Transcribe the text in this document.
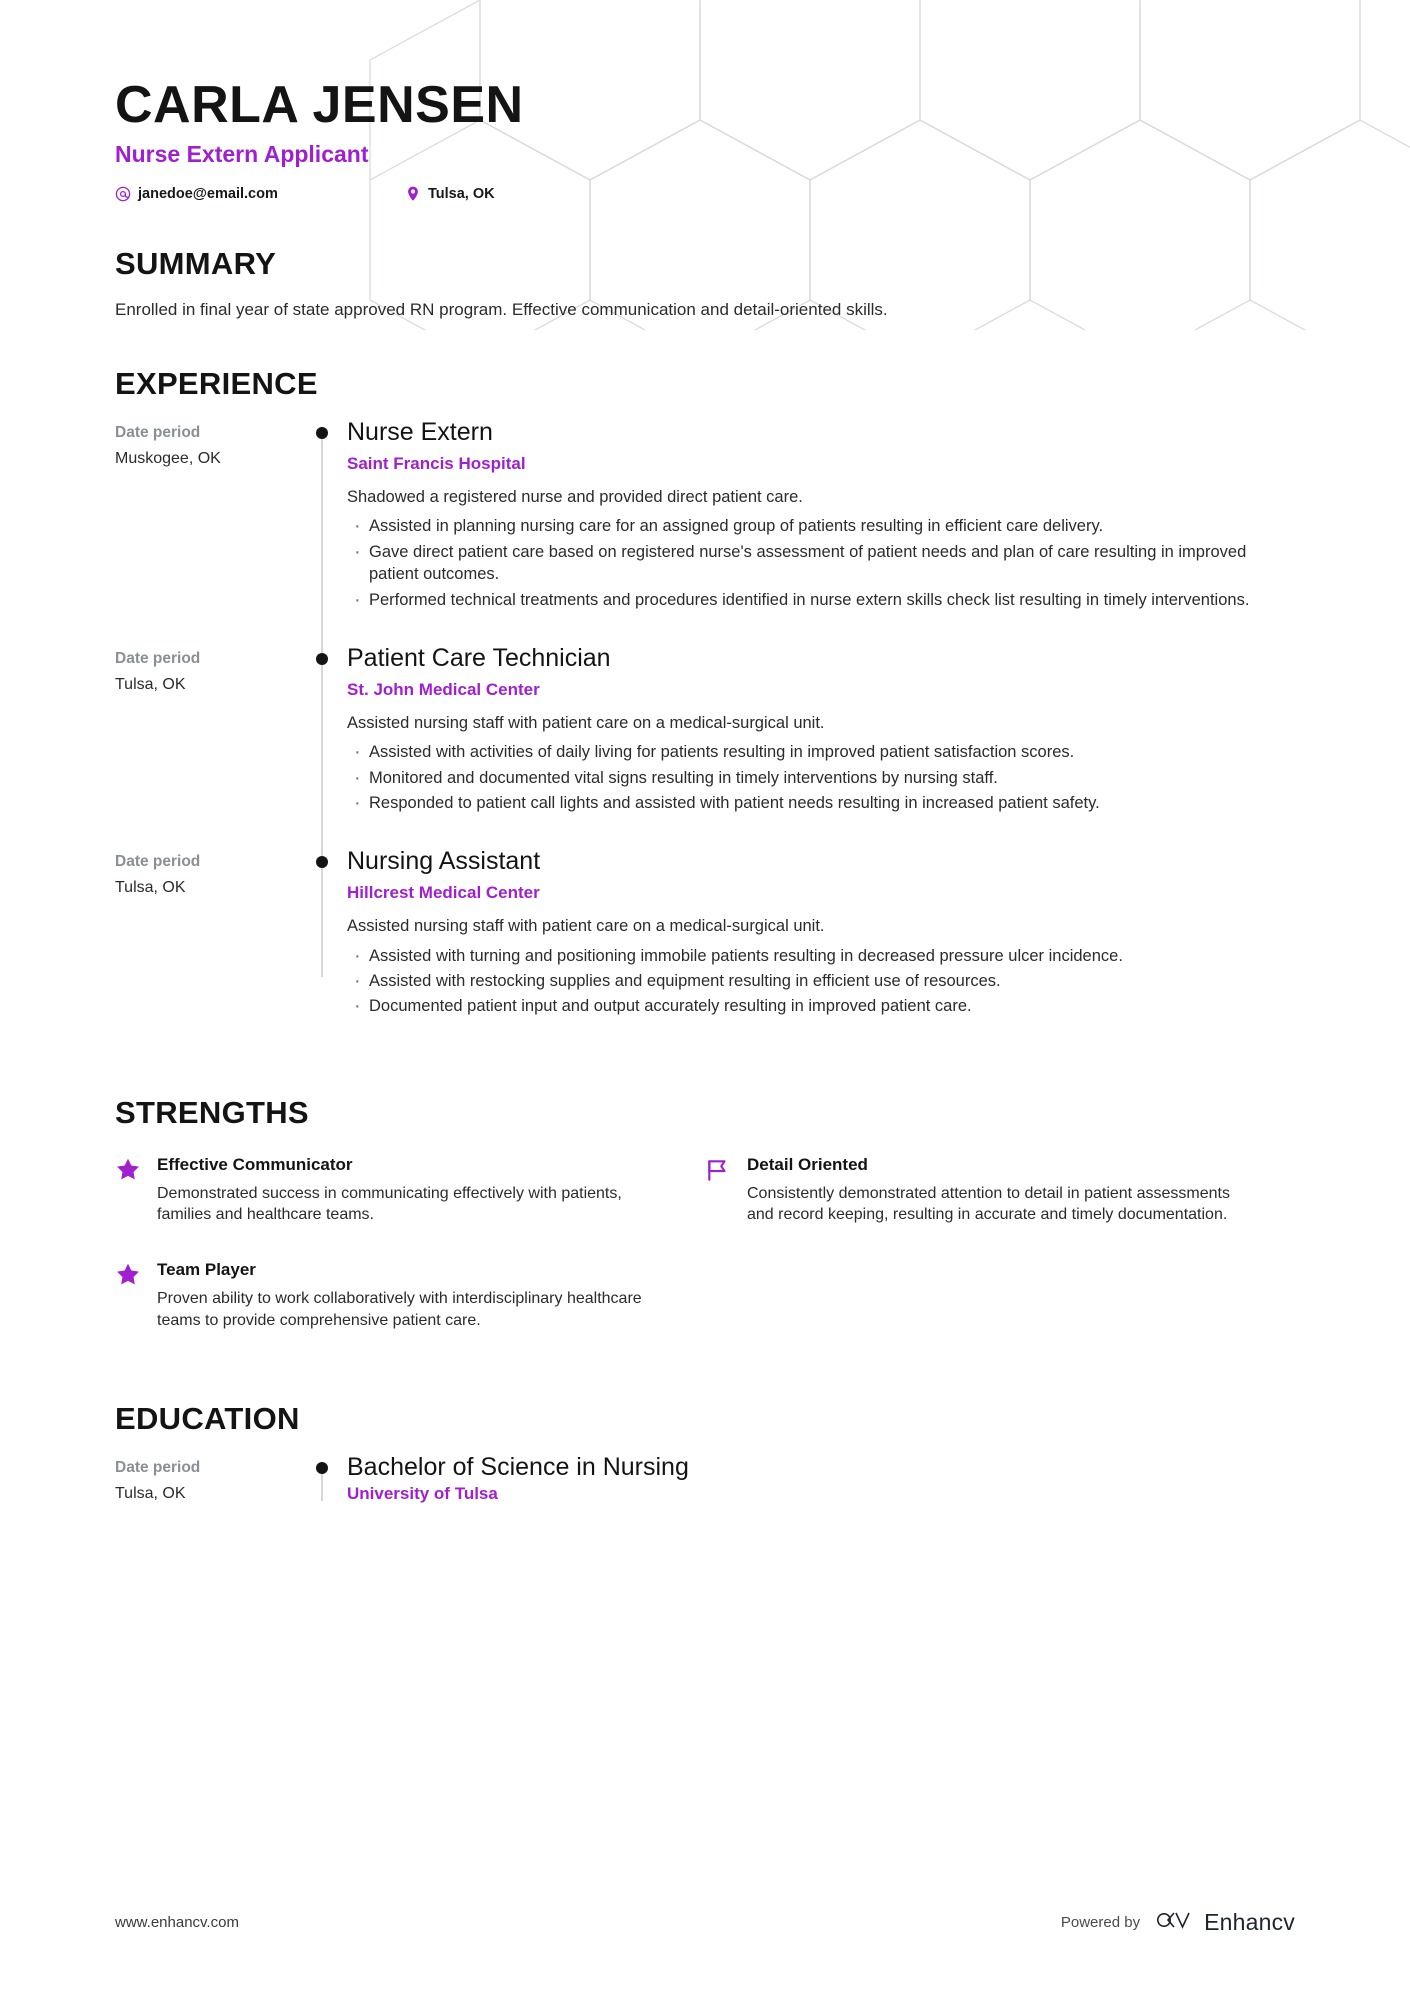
CARLA JENSEN
Nurse Extern Applicant
janedoe@email.com	Tulsa, OK
SUMMARY

Enrolled in final year of state approved RN program. Effective communication and detail-oriented skills.

EXPERIENCE
Date period
Muskogee, OK
Nurse Extern
Saint Francis Hospital

Shadowed a registered nurse and provided direct patient care.

· Assisted in planning nursing care for an assigned group of patients resulting in efficient care delivery.
· Gave direct patient care based on registered nurse's assessment of patient needs and plan of care resulting in improved patient outcomes.
· Performed technical treatments and procedures identified in nurse extern skills check list resulting in timely interventions.
Date period
Tulsa, OK
Patient Care Technician
St. John Medical Center

Assisted nursing staff with patient care on a medical-surgical unit.

· Assisted with activities of daily living for patients resulting in improved patient satisfaction scores.
· Monitored and documented vital signs resulting in timely interventions by nursing staff.
· Responded to patient call lights and assisted with patient needs resulting in increased patient safety.
Date period
Tulsa, OK
Nursing Assistant
Hillcrest Medical Center

Assisted nursing staff with patient care on a medical-surgical unit.

· Assisted with turning and positioning immobile patients resulting in decreased pressure ulcer incidence.
· Assisted with restocking supplies and equipment resulting in efficient use of resources.
· Documented patient input and output accurately resulting in improved patient care.
STRENGTHS
Effective Communicator

Demonstrated success in communicating effectively with patients, families and healthcare teams.

Detail Oriented

Consistently demonstrated attention to detail in patient assessments and record keeping, resulting in accurate and timely documentation.

Team Player

Proven ability to work collaboratively with interdisciplinary healthcare teams to provide comprehensive patient care.

EDUCATION
Date period
Tulsa, OK
Bachelor of Science in Nursing
University of Tulsa
www.enhancv.com	Powered by	Enhancv
